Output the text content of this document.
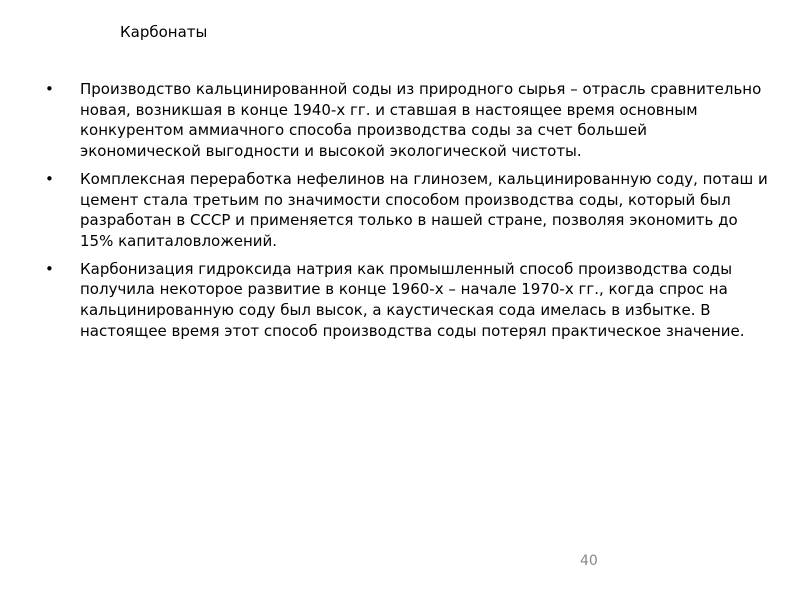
Карбонаты
• Производство кальцинированной соды из природного сырья – отрасль сравнительно новая, возникшая в конце 1940-х гг. и ставшая в настоящее время основным конкурентом аммиачного способа производства соды за счет большей экономической выгодности и высокой экологической чистоты.
• Комплексная переработка нефелинов на глинозем, кальцинированную соду, поташ и цемент стала третьим по значимости способом производства соды, который был разработан в СССР и применяется только в нашей стране, позволяя экономить до 15% капиталовложений.
• Карбонизация гидроксида натрия как промышленный способ производства соды получила некоторое развитие в конце 1960-х – начале 1970-х гг., когда спрос на кальцинированную соду был высок, а каустическая сода имелась в избытке. В настоящее время этот способ производства соды потерял практическое значение.
40
